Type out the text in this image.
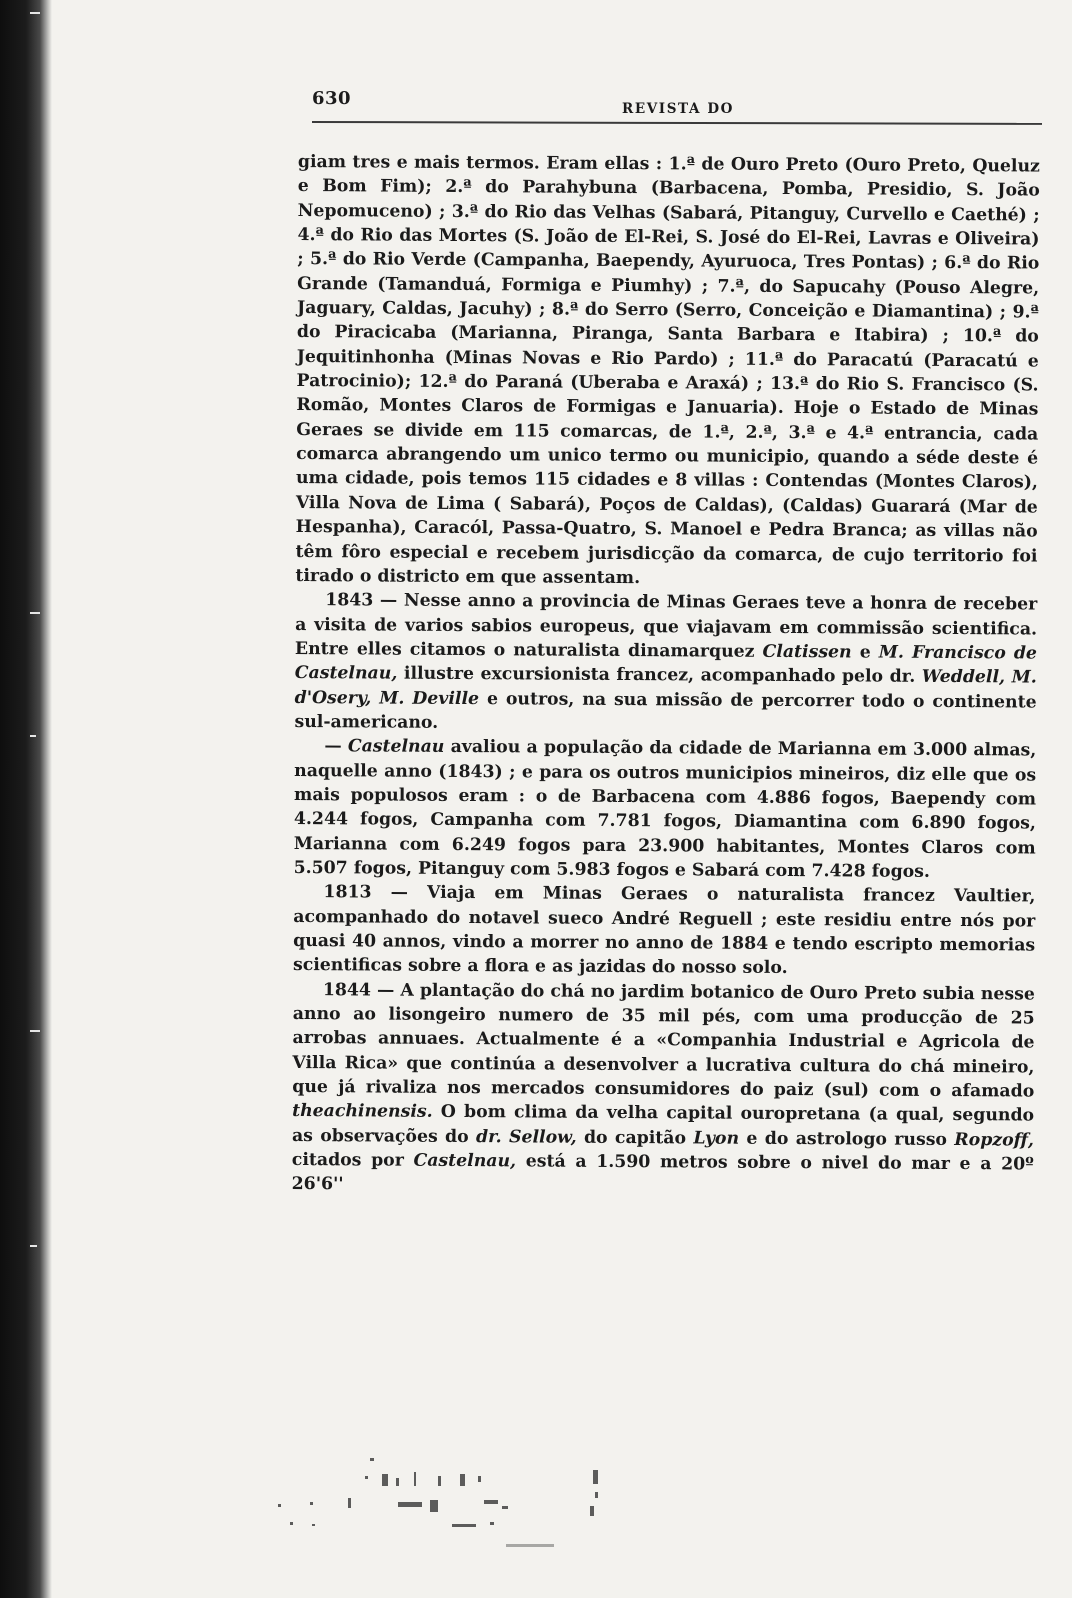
630	REVISTA DO

giam tres e mais termos. Eram ellas : 1.ª de Ouro Preto (Ouro Preto, Queluz e Bom Fim); 2.ª do Parahybuna (Barbacena, Pomba, Presidio, S. João Nepomuceno) ; 3.ª do Rio das Velhas (Sabará, Pitanguy, Curvello e Caethé) ; 4.ª do Rio das Mortes (S. João de El-Rei, S. José do El-Rei, Lavras e Oliveira) ; 5.ª do Rio Verde (Campanha, Baependy, Ayuruoca, Tres Pontas) ; 6.ª do Rio Grande (Tamanduá, Formiga e Piumhy) ; 7.ª, do Sapucahy (Pouso Alegre, Jaguary, Caldas, Jacuhy) ; 8.ª do Serro (Serro, Conceição e Diamantina) ; 9.ª do Piracicaba (Marianna, Piranga, Santa Barbara e Itabira) ; 10.ª do Jequitinhonha (Minas Novas e Rio Pardo) ; 11.ª do Paracatú (Paracatú e Patrocinio); 12.ª do Paraná (Uberaba e Araxá) ; 13.ª do Rio S. Francisco (S. Romão, Montes Claros de Formigas e Januaria). Hoje o Estado de Minas Geraes se divide em 115 comarcas, de 1.ª, 2.ª, 3.ª e 4.ª entrancia, cada comarca abrangendo um unico termo ou municipio, quando a séde deste é uma cidade, pois temos 115 cidades e 8 villas : Contendas (Montes Claros), Villa Nova de Lima ( Sabará), Poços de Caldas), (Caldas) Guarará (Mar de Hespanha), Caracól, Passa-Quatro, S. Manoel e Pedra Branca; as villas não têm fôro especial e recebem jurisdicção da comarca, de cujo territorio foi tirado o districto em que assentam.

1843 — Nesse anno a provincia de Minas Geraes teve a honra de receber a visita de varios sabios europeus, que viajavam em commissão scientifica. Entre elles citamos o naturalista dinamarquez Clatissen e M. Francisco de Castelnau, illustre excursionista francez, acompanhado pelo dr. Weddell, M. d'Osery, M. Deville e outros, na sua missão de percorrer todo o continente sul-americano.

— Castelnau avaliou a população da cidade de Marianna em 3.000 almas, naquelle anno (1843) ; e para os outros municipios mineiros, diz elle que os mais populosos eram : o de Barbacena com 4.886 fogos, Baependy com 4.244 fogos, Campanha com 7.781 fogos, Diamantina com 6.890 fogos, Marianna com 6.249 fogos para 23.900 habitantes, Montes Claros com 5.507 fogos, Pitanguy com 5.983 fogos e Sabará com 7.428 fogos.

1813 — Viaja em Minas Geraes o naturalista francez Vaultier, acompanhado do notavel sueco André Reguell ; este residiu entre nós por quasi 40 annos, vindo a morrer no anno de 1884 e tendo escripto memorias scientificas sobre a flora e as jazidas do nosso solo.

1844 — A plantação do chá no jardim botanico de Ouro Preto subia nesse anno ao lisongeiro numero de 35 mil pés, com uma producção de 25 arrobas annuaes. Actualmente é a «Companhia Industrial e Agricola de Villa Rica» que continúa a desenvolver a lucrativa cultura do chá mineiro, que já rivaliza nos mercados consumidores do paiz (sul) com o afamado theachinensis. O bom clima da velha capital ouropretana (a qual, segundo as observações do dr. Sellow, do capitão Lyon e do astrologo russo Ropzoff, citados por Castelnau, está a 1.590 metros sobre o nivel do mar e a 20º 26'6''
